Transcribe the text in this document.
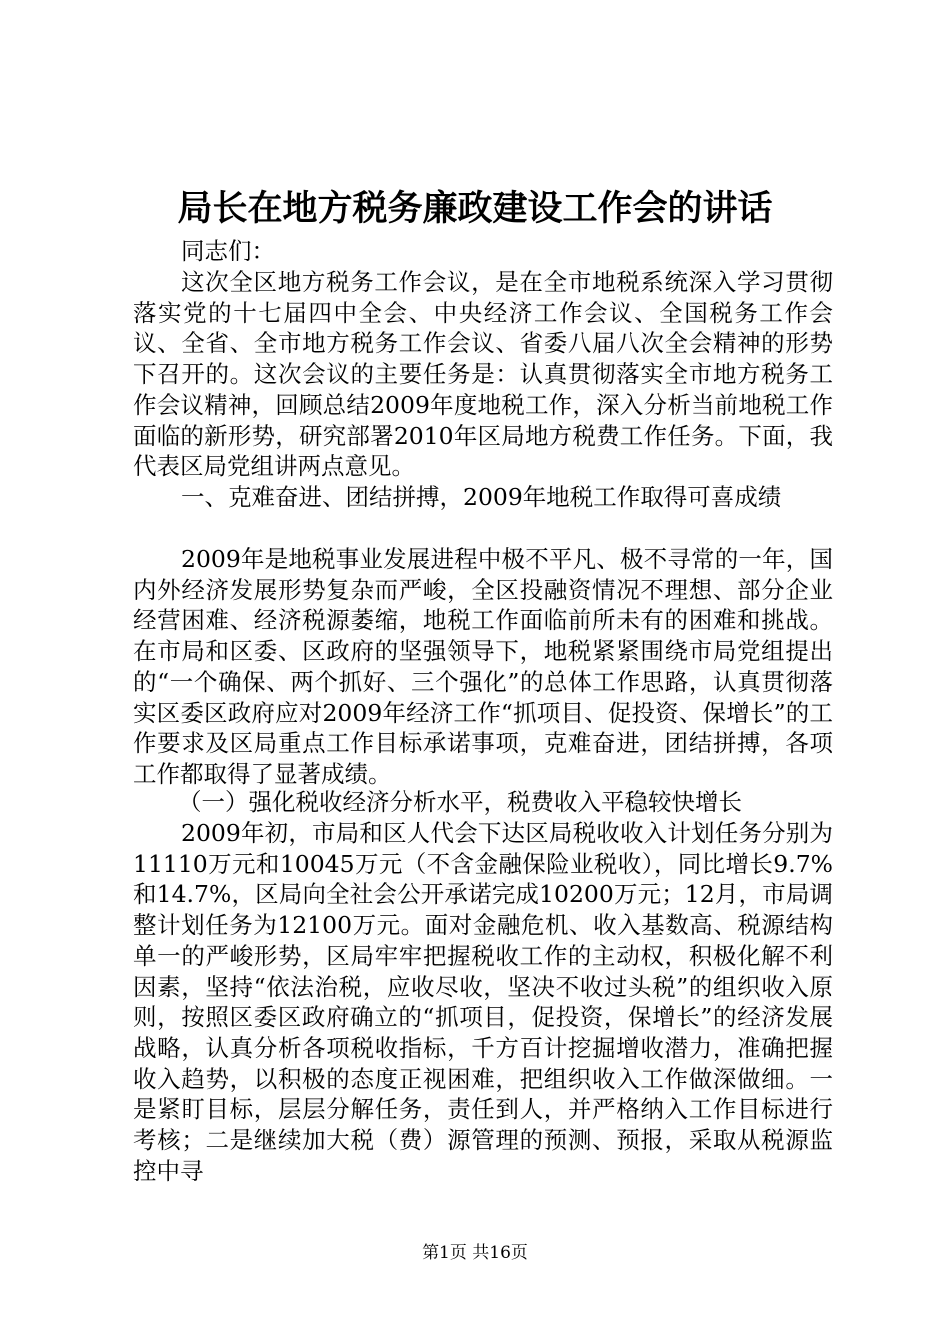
局长在地方税务廉政建设工作会的讲话

同志们：

这次全区地方税务工作会议，是在全市地税系统深入学习贯彻落实党的十七届四中全会、中央经济工作会议、全国税务工作会议、全省、全市地方税务工作会议、省委八届八次全会精神的形势下召开的。这次会议的主要任务是：认真贯彻落实全市地方税务工作会议精神，回顾总结2009年度地税工作，深入分析当前地税工作面临的新形势，研究部署2010年区局地方税费工作任务。下面，我代表区局党组讲两点意见。

一、克难奋进、团结拼搏，2009年地税工作取得可喜成绩

2009年是地税事业发展进程中极不平凡、极不寻常的一年，国内外经济发展形势复杂而严峻，全区投融资情况不理想、部分企业经营困难、经济税源萎缩，地税工作面临前所未有的困难和挑战。在市局和区委、区政府的坚强领导下，地税紧紧围绕市局党组提出的“一个确保、两个抓好、三个强化”的总体工作思路，认真贯彻落实区委区政府应对2009年经济工作“抓项目、促投资、保增长”的工作要求及区局重点工作目标承诺事项，克难奋进，团结拼搏，各项工作都取得了显著成绩。

（一）强化税收经济分析水平，税费收入平稳较快增长

2009年初，市局和区人代会下达区局税收收入计划任务分别为11110万元和10045万元（不含金融保险业税收），同比增长9.7%和14.7%，区局向全社会公开承诺完成10200万元；12月，市局调整计划任务为12100万元。面对金融危机、收入基数高、税源结构单一的严峻形势，区局牢牢把握税收工作的主动权，积极化解不利因素，坚持“依法治税，应收尽收，坚决不收过头税”的组织收入原则，按照区委区政府确立的“抓项目，促投资，保增长”的经济发展战略，认真分析各项税收指标，千方百计挖掘增收潜力，准确把握收入趋势，以积极的态度正视困难，把组织收入工作做深做细。一是紧盯目标，层层分解任务，责任到人，并严格纳入工作目标进行考核；二是继续加大税（费）源管理的预测、预报，采取从税源监控中寻

第1页 共16页
